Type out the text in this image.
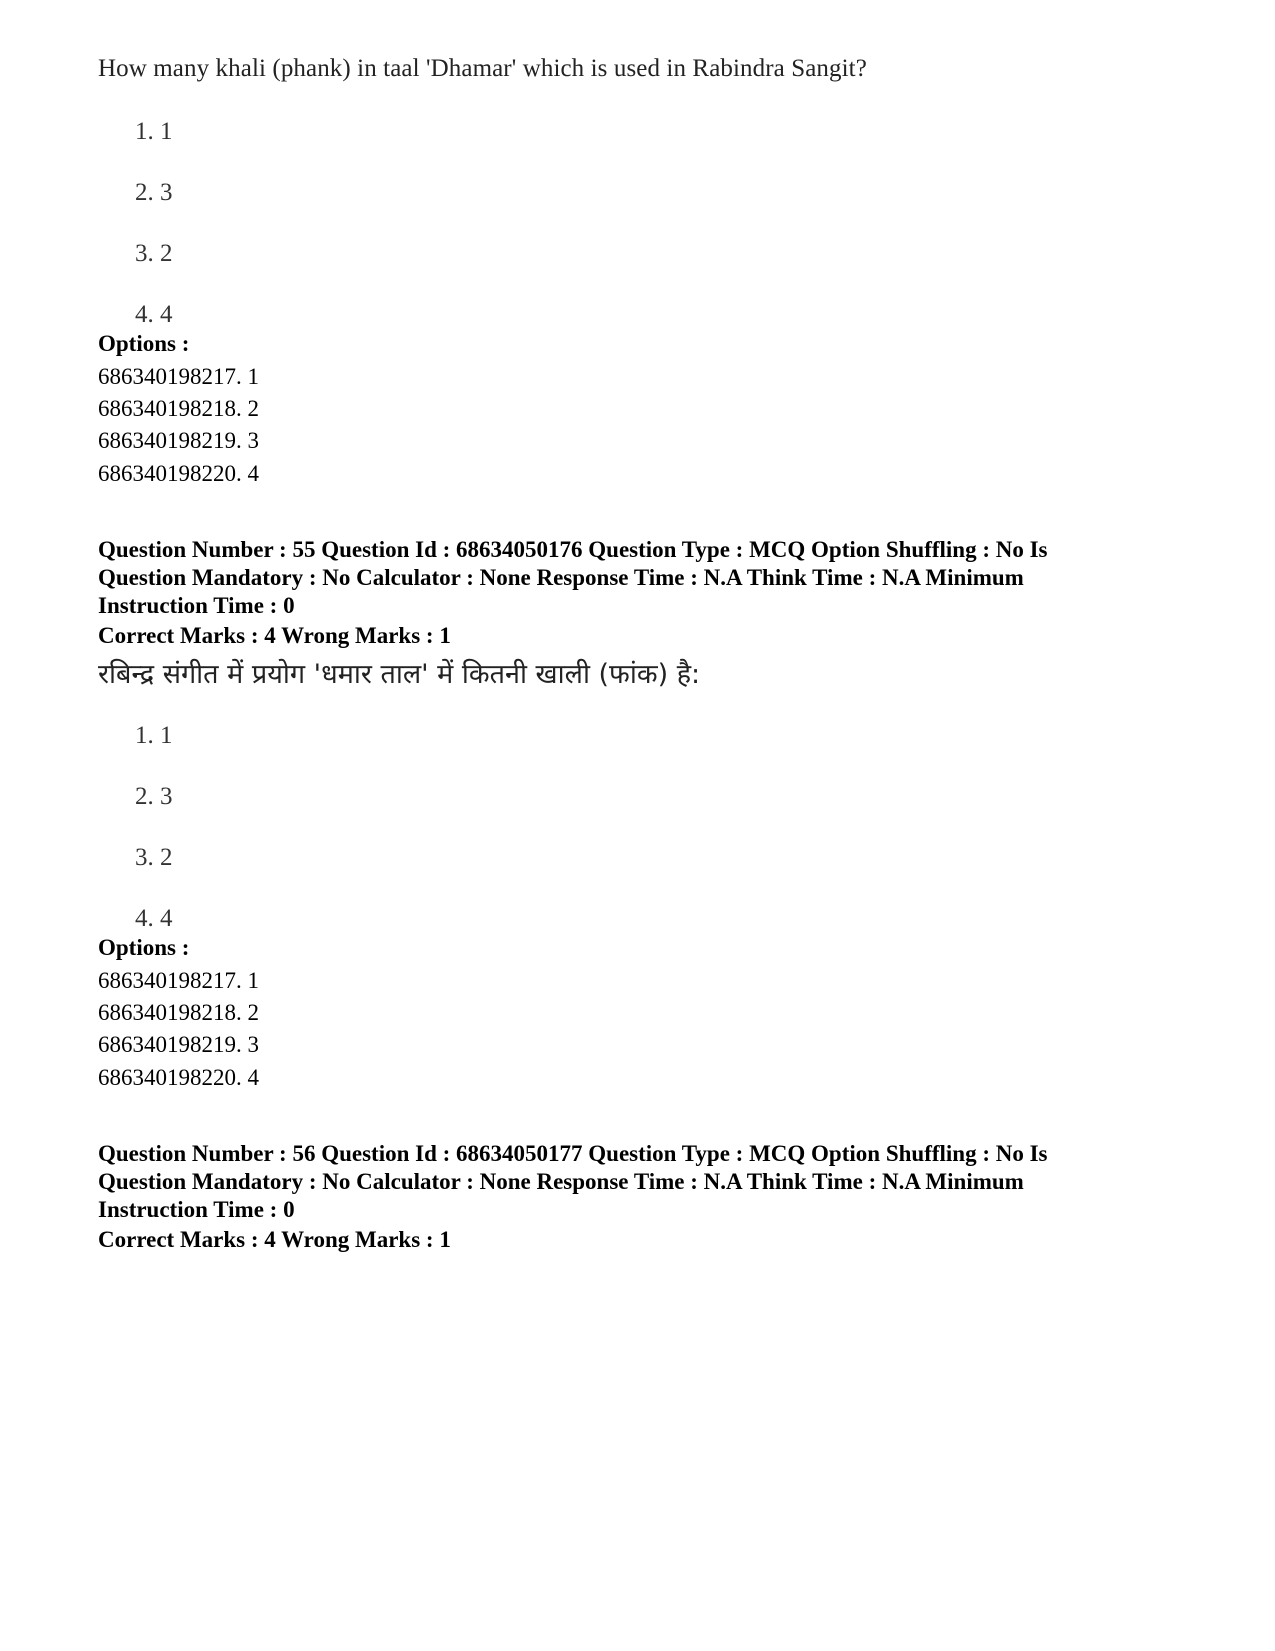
How many khali (phank) in taal 'Dhamar' which is used in Rabindra Sangit?
1. 1
2. 3
3. 2
4. 4
Options :
686340198217. 1
686340198218. 2
686340198219. 3
686340198220. 4
Question Number : 55 Question Id : 68634050176 Question Type : MCQ Option Shuffling : No Is
Question Mandatory : No Calculator : None Response Time : N.A Think Time : N.A Minimum
Instruction Time : 0
Correct Marks : 4 Wrong Marks : 1
रबिन्द्र संगीत में प्रयोग 'धमार ताल' में कितनी खाली (फांक) है:
1. 1
2. 3
3. 2
4. 4
Options :
686340198217. 1
686340198218. 2
686340198219. 3
686340198220. 4
Question Number : 56 Question Id : 68634050177 Question Type : MCQ Option Shuffling : No Is
Question Mandatory : No Calculator : None Response Time : N.A Think Time : N.A Minimum
Instruction Time : 0
Correct Marks : 4 Wrong Marks : 1
